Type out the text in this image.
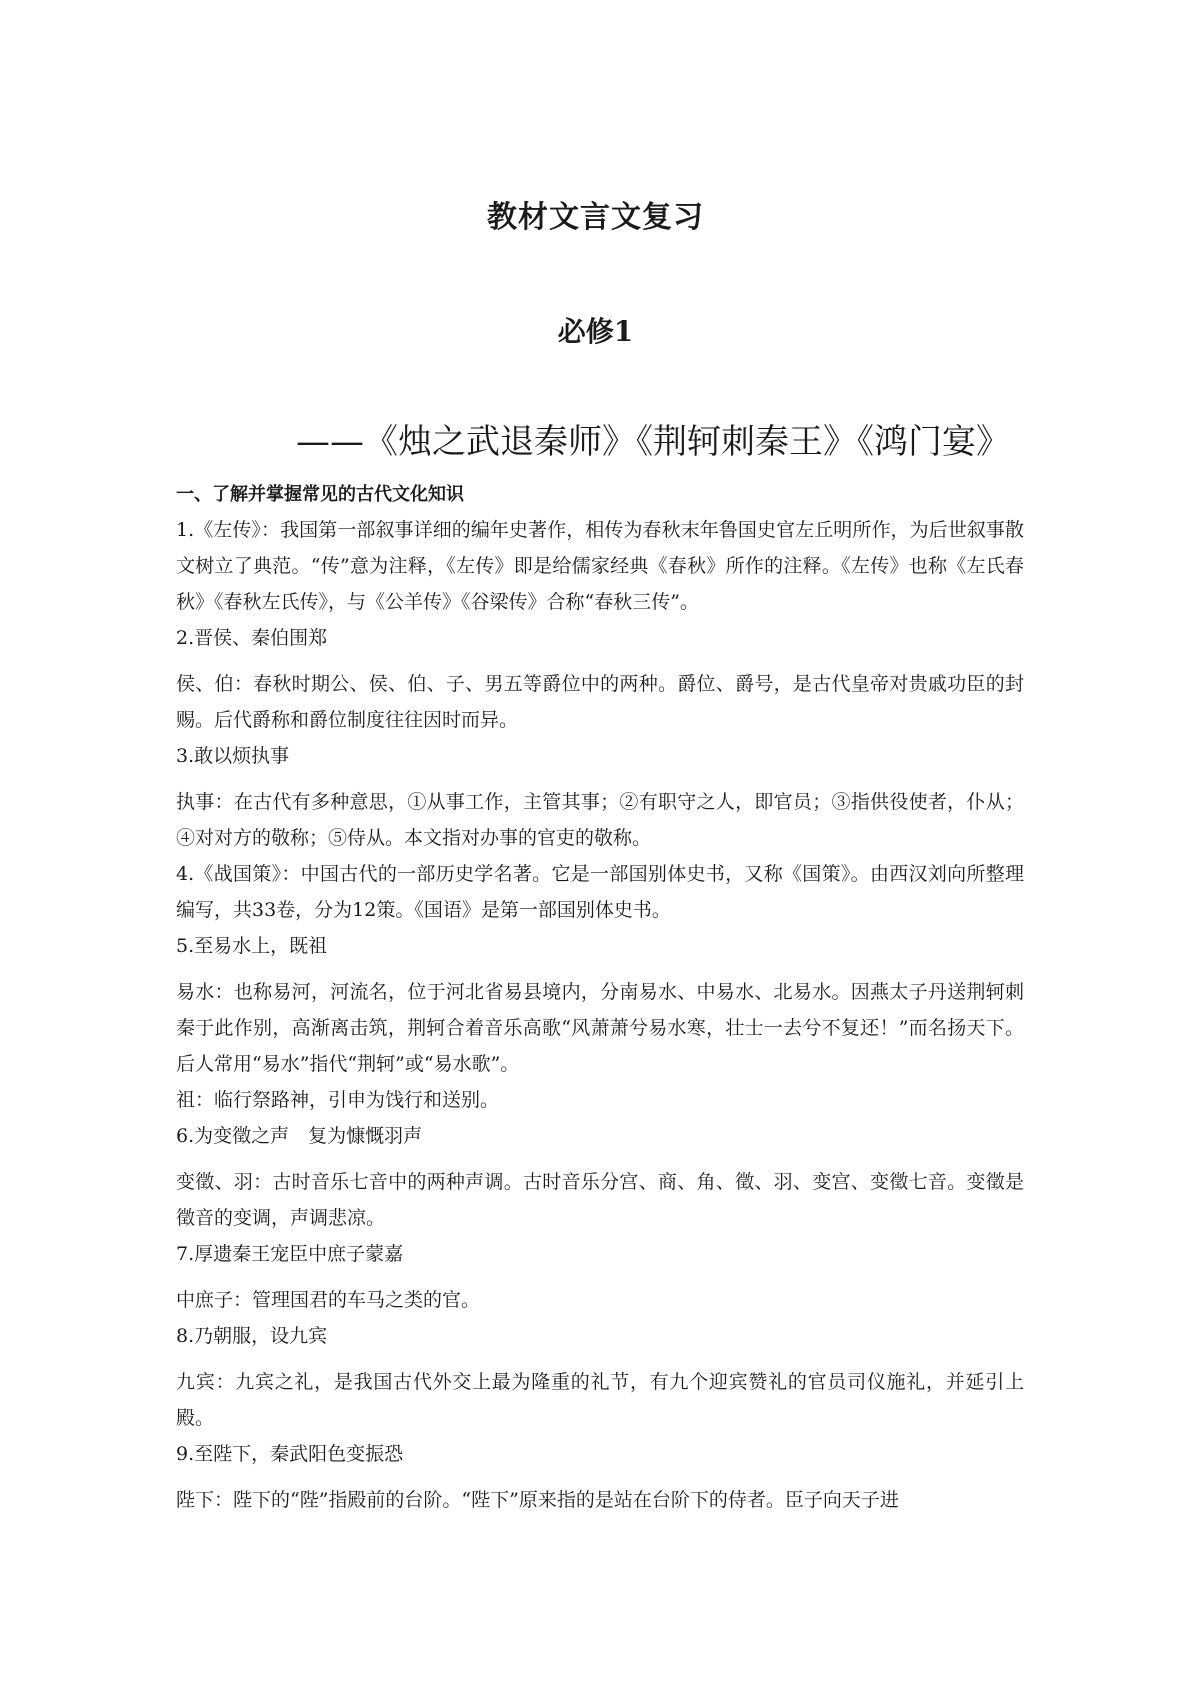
教材文言文复习
必修1
——《烛之武退秦师》《荆轲刺秦王》《鸿门宴》
一、了解并掌握常见的古代文化知识
1.《左传》：我国第一部叙事详细的编年史著作，相传为春秋末年鲁国史官左丘明所作，为后世叙事散文树立了典范。“传”意为注释，《左传》即是给儒家经典《春秋》所作的注释。《左传》也称《左氏春秋》《春秋左氏传》，与《公羊传》《谷梁传》合称“春秋三传”。
2.晋侯、秦伯围郑
侯、伯：春秋时期公、侯、伯、子、男五等爵位中的两种。爵位、爵号，是古代皇帝对贵戚功臣的封赐。后代爵称和爵位制度往往因时而异。
3.敢以烦执事
执事：在古代有多种意思，①从事工作，主管其事；②有职守之人，即官员；③指供役使者，仆从；④对对方的敬称；⑤侍从。本文指对办事的官吏的敬称。
4.《战国策》：中国古代的一部历史学名著。它是一部国别体史书，又称《国策》。由西汉刘向所整理编写，共33卷，分为12策。《国语》是第一部国别体史书。
5.至易水上，既祖
易水：也称易河，河流名，位于河北省易县境内，分南易水、中易水、北易水。因燕太子丹送荆轲刺秦于此作别，高渐离击筑，荆轲合着音乐高歌“风萧萧兮易水寒，壮士一去兮不复还！”而名扬天下。后人常用“易水”指代“荆轲”或“易水歌”。
祖：临行祭路神，引申为饯行和送别。
6.为变徵之声　复为慷慨羽声
变徵、羽：古时音乐七音中的两种声调。古时音乐分宫、商、角、徵、羽、变宫、变徵七音。变徵是徵音的变调，声调悲凉。
7.厚遗秦王宠臣中庶子蒙嘉
中庶子：管理国君的车马之类的官。
8.乃朝服，设九宾
九宾：九宾之礼，是我国古代外交上最为隆重的礼节，有九个迎宾赞礼的官员司仪施礼，并延引上殿。
9.至陛下，秦武阳色变振恐
陛下：陛下的“陛”指殿前的台阶。“陛下”原来指的是站在台阶下的侍者。臣子向天子进
